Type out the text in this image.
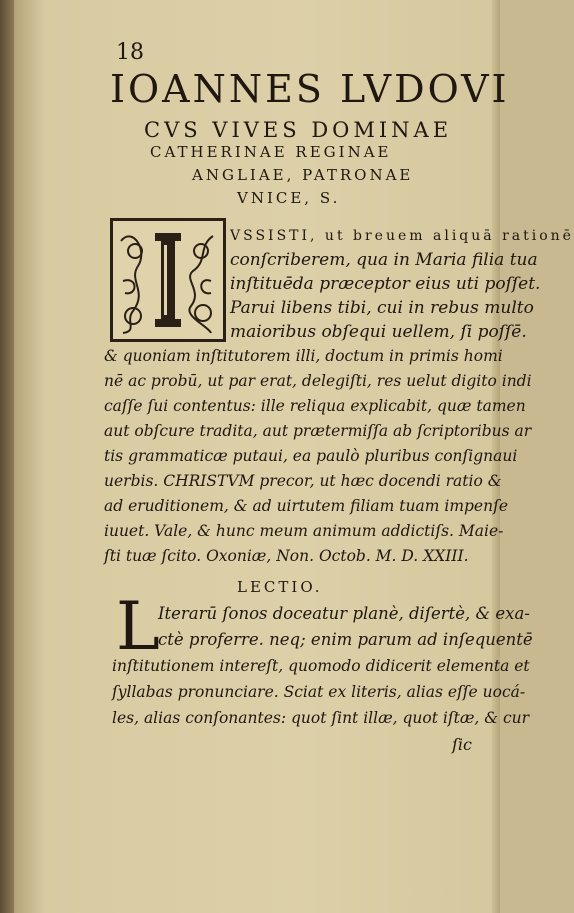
18
IOANNES LVDOVI
CVS VIVES DOMINAE
CATHERINAE REGINAE
ANGLIAE, PATRONAE
VNICE, S.
VSSISTI, ut breuem aliquā rationē
conſcriberem, qua in Maria filia tua
inſtituēda præceptor eius uti poſſet.
Parui libens tibi, cui in rebus multo
maioribus obſequi uellem, ſi poſſē.
& quoniam inſtitutorem illi, doctum in primis homi
nē ac probū, ut par erat, delegiſti, res uelut digito indi
caſſe ſui contentus: ille reliqua explicabit, quæ tamen
aut obſcure tradita, aut prætermiſſa ab ſcriptoribus ar
tis grammaticæ putaui, ea paulò pluribus conſignaui
uerbis. CHRISTVM precor, ut hæc docendi ratio &
ad eruditionem, & ad uirtutem filiam tuam impenſe
iuuet. Vale, & hunc meum animum addictiſs. Maie-
ſti tuæ ſcito. Oxoniæ, Non. Octob. M. D. XXIII.
LECTIO.
L
Iterarū ſonos doceatur planè, diſertè, & exa-
ctè proferre. neq; enim parum ad inſequentē
inſtitutionem intereſt, quomodo didicerit elementa et
ſyllabas pronunciare. Sciat ex literis, alias eſſe uocá-
les, alias conſonantes: quot ſint illæ, quot iſtæ, & cur
ſic
